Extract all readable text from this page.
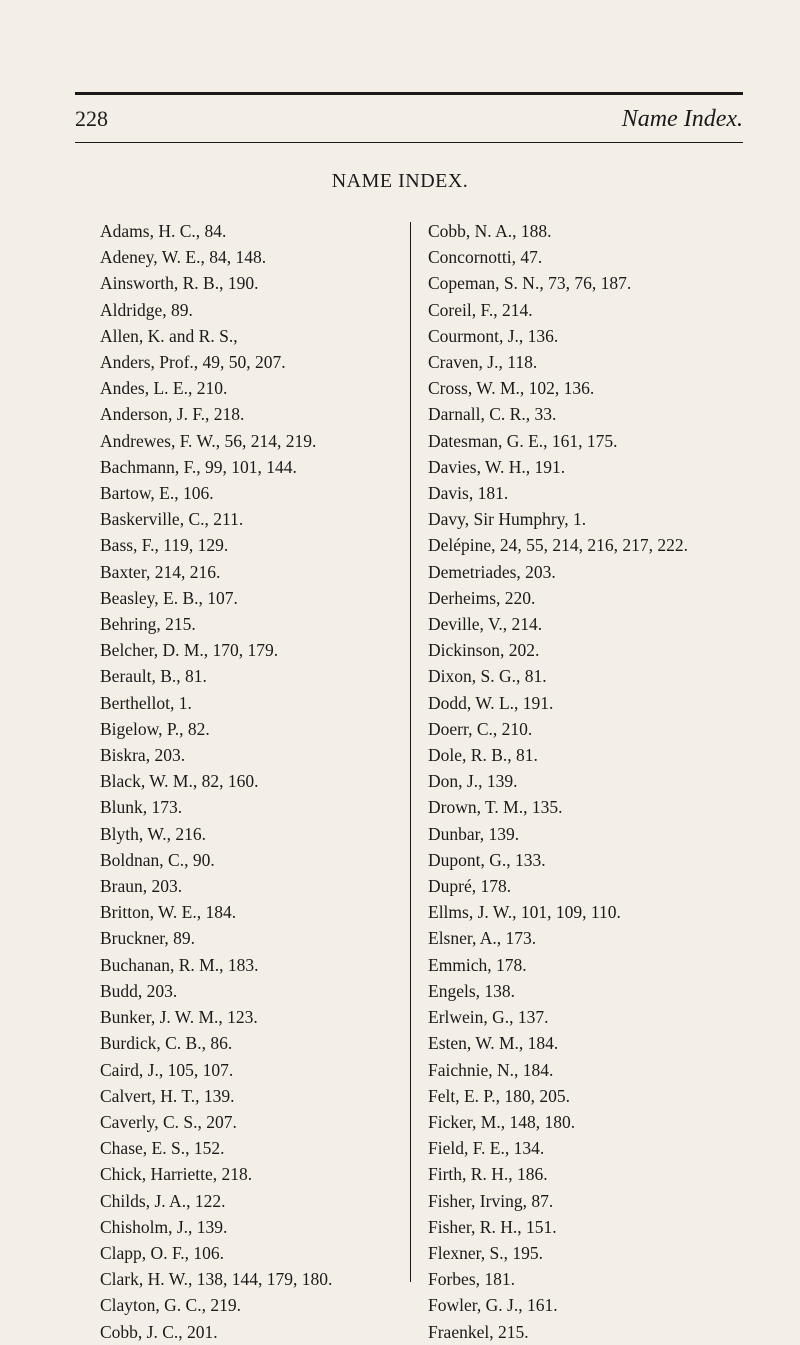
228	Name Index.
NAME INDEX.
Adams, H. C., 84.
Adeney, W. E., 84, 148.
Ainsworth, R. B., 190.
Aldridge, 89.
Allen, K. and R. S.,
Anders, Prof., 49, 50, 207.
Andes, L. E., 210.
Anderson, J. F., 218.
Andrewes, F. W., 56, 214, 219.
Bachmann, F., 99, 101, 144.
Bartow, E., 106.
Baskerville, C., 211.
Bass, F., 119, 129.
Baxter, 214, 216.
Beasley, E. B., 107.
Behring, 215.
Belcher, D. M., 170, 179.
Berault, B., 81.
Berthellot, 1.
Bigelow, P., 82.
Biskra, 203.
Black, W. M., 82, 160.
Blunk, 173.
Blyth, W., 216.
Boldnan, C., 90.
Braun, 203.
Britton, W. E., 184.
Bruckner, 89.
Buchanan, R. M., 183.
Budd, 203.
Bunker, J. W. M., 123.
Burdick, C. B., 86.
Caird, J., 105, 107.
Calvert, H. T., 139.
Caverly, C. S., 207.
Chase, E. S., 152.
Chick, Harriette, 218.
Childs, J. A., 122.
Chisholm, J., 139.
Clapp, O. F., 106.
Clark, H. W., 138, 144, 179, 180.
Clayton, G. C., 219.
Cobb, J. C., 201.
Cobb, N. A., 188.
Concornotti, 47.
Copeman, S. N., 73, 76, 187.
Coreil, F., 214.
Courmont, J., 136.
Craven, J., 118.
Cross, W. M., 102, 136.
Darnall, C. R., 33.
Datesman, G. E., 161, 175.
Davies, W. H., 191.
Davis, 181.
Davy, Sir Humphry, 1.
Delépine, 24, 55, 214, 216, 217, 222.
Demetriades, 203.
Derheims, 220.
Deville, V., 214.
Dickinson, 202.
Dixon, S. G., 81.
Dodd, W. L., 191.
Doerr, C., 210.
Dole, R. B., 81.
Don, J., 139.
Drown, T. M., 135.
Dunbar, 139.
Dupont, G., 133.
Dupré, 178.
Ellms, J. W., 101, 109, 110.
Elsner, A., 173.
Emmich, 178.
Engels, 138.
Erlwein, G., 137.
Esten, W. M., 184.
Faichnie, N., 184.
Felt, E. P., 180, 205.
Ficker, M., 148, 180.
Field, F. E., 134.
Firth, R. H., 186.
Fisher, Irving, 87.
Fisher, R. H., 151.
Flexner, S., 195.
Forbes, 181.
Fowler, G. J., 161.
Fraenkel, 215.
